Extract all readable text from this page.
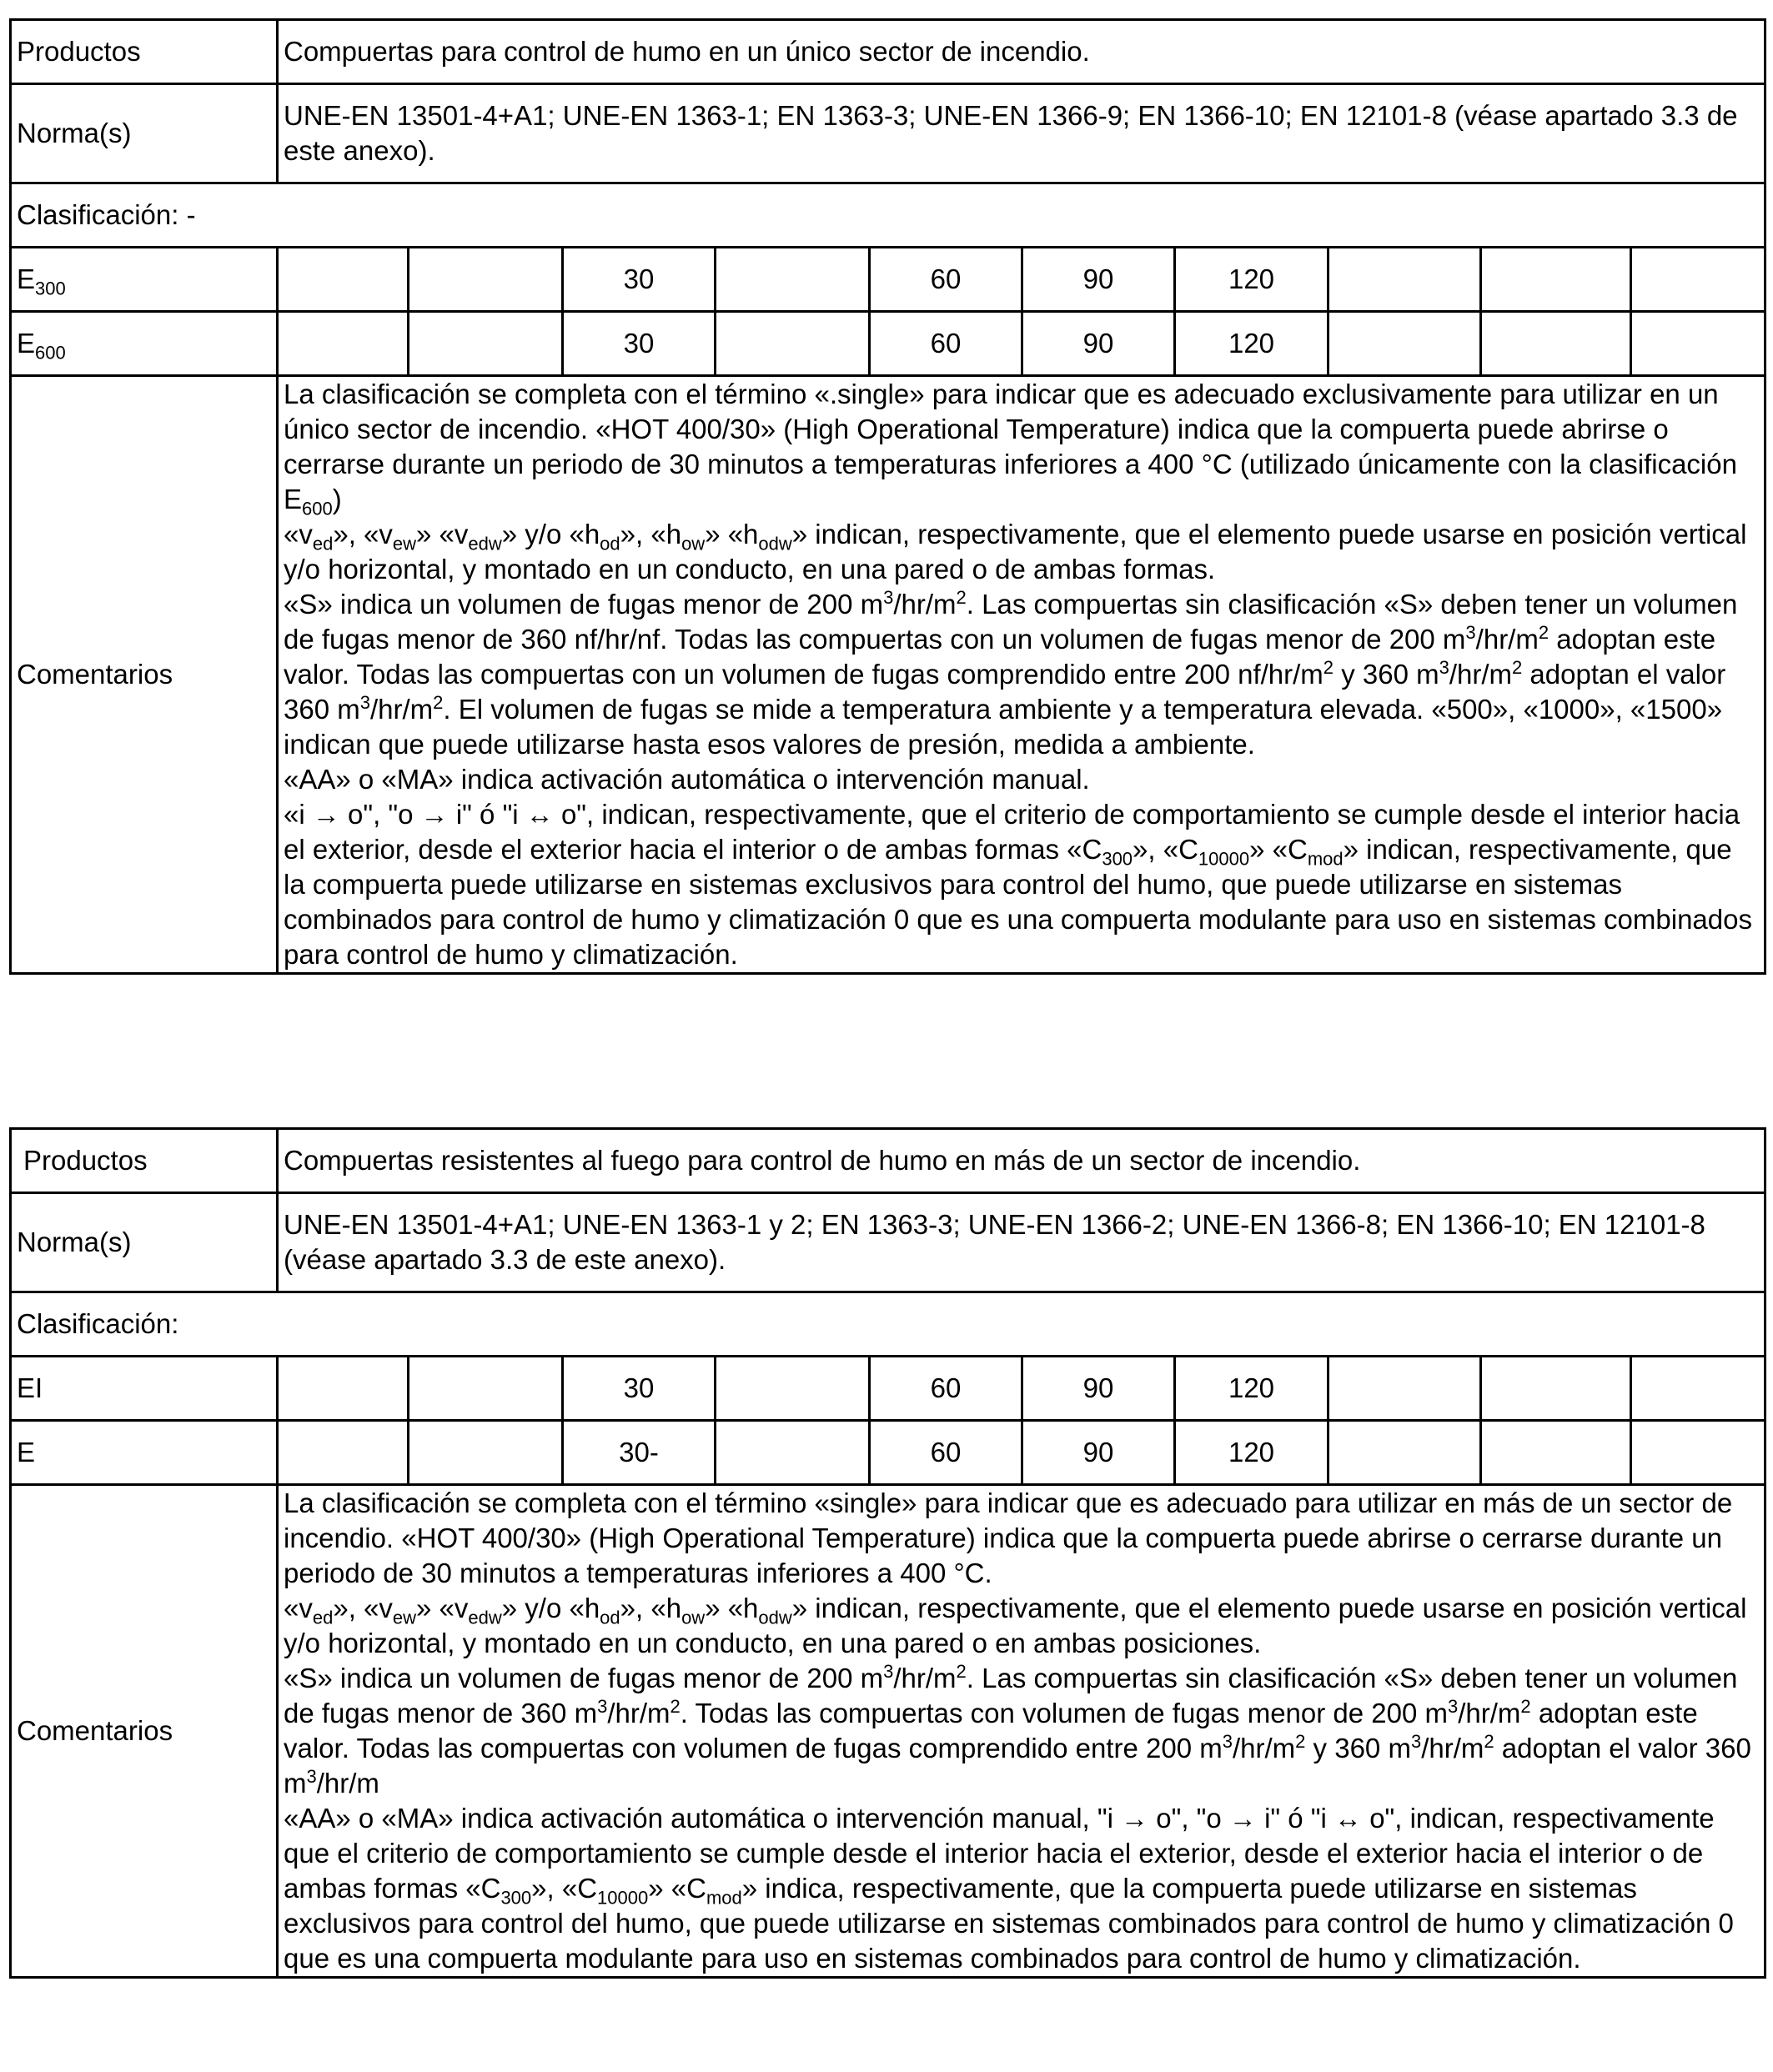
Productos	Compuertas para control de humo en un único sector de incendio.									
Norma(s)	UNE-EN 13501-4+A1; UNE-EN 1363-1; EN 1363-3; UNE-EN 1366-9; EN 1366-10; EN 12101-8 (véase apartado 3.3 de este anexo).									
Clasificación: -										
$E_{300}$			30		60	90	120			
$E_{600}$			30		60	90	120			
Comentarios	La clasificación se completa con el término «.single» para indicar que es adecuado exclusivamente para utilizar en un único sector de incendio. «HOT 400/30» (High Operational Temperature) indica que la compuerta puede abrirse o cerrarse durante un periodo de 30 minutos a temperaturas inferiores a 400 °C (utilizado únicamente con la clasificación $E_{600}$)
«$v_{ed}$», «$v_{ew}$» «$v_{edw}$» y/o «$h_{od}$», «$h_{ow}$» «$h_{odw}$» indican, respectivamente, que el elemento puede usarse en posición vertical y/o horizontal, y montado en un conducto, en una pared o de ambas formas.
«S» indica un volumen de fugas menor de 200 $m^3/hr/m^2$. Las compuertas sin clasificación «S» deben tener un volumen de fugas menor de 360 nf/hr/nf. Todas las compuertas con un volumen de fugas menor de 200 $m^3/hr/m^2$ adoptan este valor. Todas las compuertas con un volumen de fugas comprendido entre 200 $nf/hr/m^2$ y 360 $m^3/hr/m^2$ adoptan el valor 360 $m^3/hr/m^2$. El volumen de fugas se mide a temperatura ambiente y a temperatura elevada. «500», «1000», «1500» indican que puede utilizarse hasta esos valores de presión, medida a ambiente.
«AA» o «MA» indica activación automática o intervención manual.
«i → o", "o → i" ó "i ↔ o", indican, respectivamente, que el criterio de comportamiento se cumple desde el interior hacia el exterior, desde el exterior hacia el interior o de ambas formas «$C_{300}$», «$C_{10000}$» «$C_{mod}$» indican, respectivamente, que la compuerta puede utilizarse en sistemas exclusivos para control del humo, que puede utilizarse en sistemas combinados para control de humo y climatización 0 que es una compuerta modulante para uso en sistemas combinados para control de humo y climatización.									
Productos	Compuertas resistentes al fuego para control de humo en más de un sector de incendio.									
Norma(s)	UNE-EN 13501-4+A1; UNE-EN 1363-1 y 2; EN 1363-3; UNE-EN 1366-2; UNE-EN 1366-8; EN 1366-10; EN 12101-8 (véase apartado 3.3 de este anexo).									
Clasificación:										
EI			30		60	90	120			
E			30-		60	90	120			
Comentarios	La clasificación se completa con el término «single» para indicar que es adecuado para utilizar en más de un sector de incendio. «HOT 400/30» (High Operational Temperature) indica que la compuerta puede abrirse o cerrarse durante un periodo de 30 minutos a temperaturas inferiores a 400 °C.
«$v_{ed}$», «$v_{ew}$» «$v_{edw}$» y/o «$h_{od}$», «$h_{ow}$» «$h_{odw}$» indican, respectivamente, que el elemento puede usarse en posición vertical y/o horizontal, y montado en un conducto, en una pared o en ambas posiciones.
«S» indica un volumen de fugas menor de 200 $m^3/hr/m^2$. Las compuertas sin clasificación «S» deben tener un volumen de fugas menor de 360 $m^3/hr/m^2$. Todas las compuertas con volumen de fugas menor de 200 $m^3/hr/m^2$ adoptan este valor. Todas las compuertas con volumen de fugas comprendido entre 200 $m^3/hr/m^2$ y 360 $m^3/hr/m^2$ adoptan el valor 360 $m^3/hr/m$
«AA» o «MA» indica activación automática o intervención manual, "i → o", "o → i" ó "i ↔ o", indican, respectivamente que el criterio de comportamiento se cumple desde el interior hacia el exterior, desde el exterior hacia el interior o de ambas formas «$C_{300}$», «$C_{10000}$» «$C_{mod}$» indica, respectivamente, que la compuerta puede utilizarse en sistemas exclusivos para control del humo, que puede utilizarse en sistemas combinados para control de humo y climatización 0 que es una compuerta modulante para uso en sistemas combinados para control de humo y climatización.									
